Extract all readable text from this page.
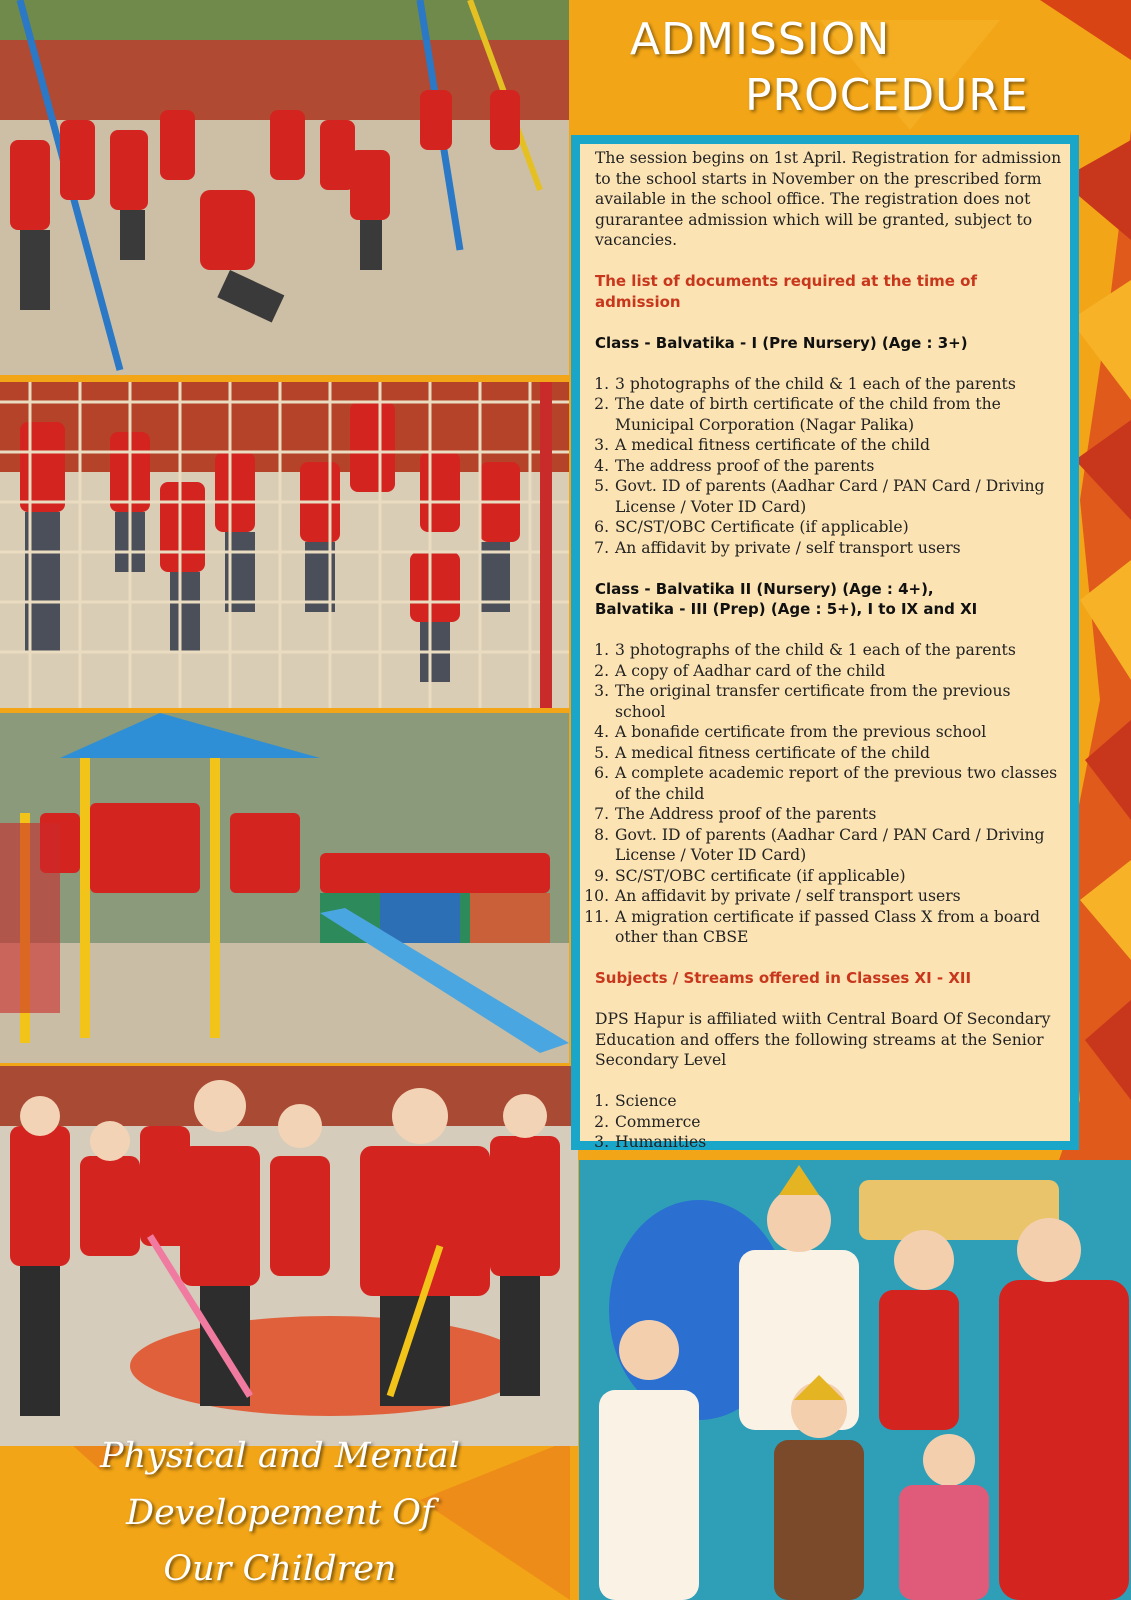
ADMISSION
PROCEDURE

The session begins on 1st April. Registration for admission to the school starts in November on the prescribed form available in the school office. The registration does not gurarantee admission which will be granted, subject to vacancies.

The list of documents required at the time of admission

Class - Balvatika - I (Pre Nursery) (Age : 3+)

1. 3 photographs of the child & 1 each of the parents
2. The date of birth certificate of the child from the Municipal Corporation (Nagar Palika)
3. A medical fitness certificate of the child
4. The address proof of the parents
5. Govt. ID of parents (Aadhar Card / PAN Card / Driving License / Voter ID Card)
6. SC/ST/OBC Certificate (if applicable)
7. An affidavit by private / self transport users

Class - Balvatika II (Nursery) (Age : 4+),

Balvatika - III (Prep) (Age : 5+), I to IX and XI

1. 3 photographs of the child & 1 each of the parents
2. A copy of Aadhar card of the child
3. The original transfer certificate from the previous school
4. A bonafide certificate from the previous school
5. A medical fitness certificate of the child
6. A complete academic report of the previous two classes of the child
7. The Address proof of the parents
8. Govt. ID of parents (Aadhar Card / PAN Card / Driving License / Voter ID Card)
9. SC/ST/OBC certificate (if applicable)
10. An affidavit by private / self transport users
11. A migration certificate if passed Class X from a board other than CBSE

Subjects / Streams offered in Classes XI - XII

DPS Hapur is affiliated wiith Central Board Of Secondary Education and offers the following streams at the Senior Secondary Level

1. Science
2. Commerce
3. Humanities
Physical and Mental
Developement Of
Our Children
